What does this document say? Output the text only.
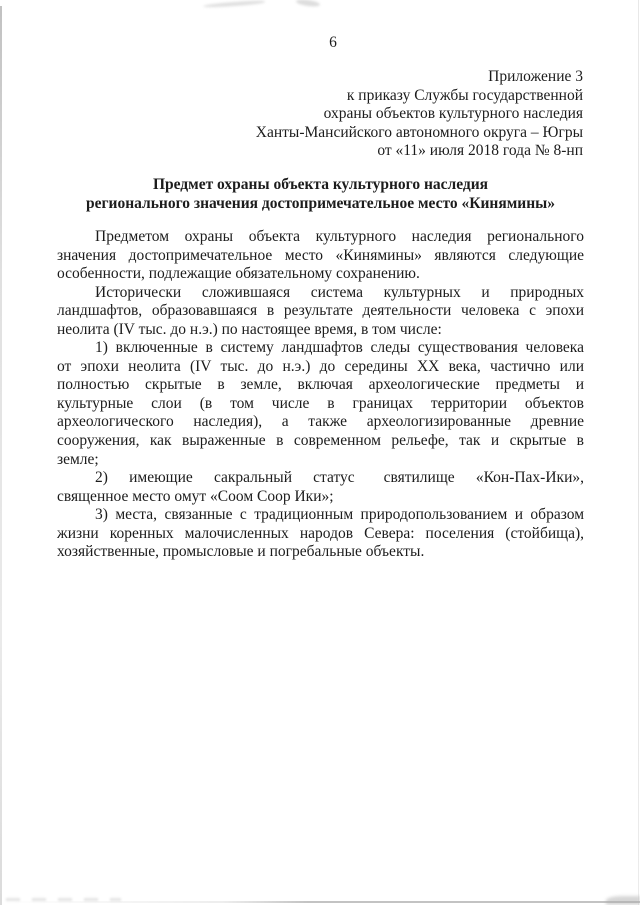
6
Приложение 3
к приказу Службы государственной
охраны объектов культурного наследия
Ханты-Мансийского автономного округа – Югры
от «11» июля 2018 года № 8-нп
Предмет охраны объекта культурного наследия
регионального значения достопримечательное место «Кинямины»
Предметом охраны объекта культурного наследия регионального
значения достопримечательное место «Кинямины» являются следующие
особенности, подлежащие обязательному сохранению.
Исторически сложившаяся система культурных и природных
ландшафтов, образовавшаяся в результате деятельности человека с эпохи
неолита (IV тыс. до н.э.) по настоящее время, в том числе:
1) включенные в систему ландшафтов следы существования человека
от эпохи неолита (IV тыс. до н.э.) до середины XX века, частично или
полностью скрытые в земле, включая археологические предметы и
культурные слои (в том числе в границах территории объектов
археологического наследия), а также археологизированные древние
сооружения, как выраженные в современном рельефе, так и скрытые в
земле;
2) имеющие сакральный статус  святилище «Кон-Пах-Ики»,
священное место омут «Соом Соор Ики»;
3) места, связанные с традиционным природопользованием и образом
жизни коренных малочисленных народов Севера: поселения (стойбища),
хозяйственные, промысловые и погребальные объекты.
